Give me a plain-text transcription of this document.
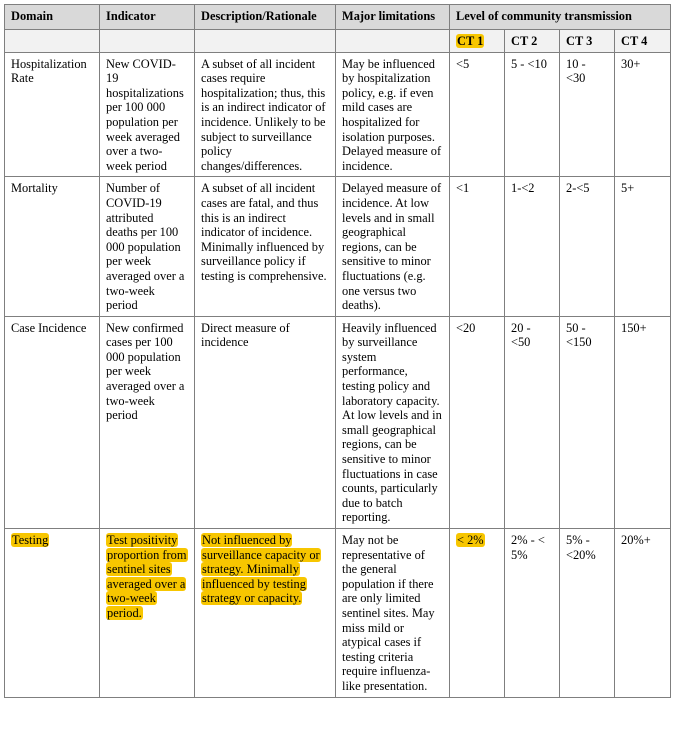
Domain	Indicator	Description/Rationale	Major limitations	Level of community transmission			
				CT 1	CT 2	CT 3	CT 4
Hospitalization Rate	New COVID-19 hospitalizations per 100 000 population per week averaged over a two-week period	A subset of all incident cases require hospitalization; thus, this is an indirect indicator of incidence. Unlikely to be subject to surveillance policy changes/differences.	May be influenced by hospitalization policy, e.g. if even mild cases are hospitalized for isolation purposes. Delayed measure of incidence.	<5	5 - <10	10 - <30	30+
Mortality	Number of COVID-19 attributed deaths per 100 000 population per week averaged over a two-week period	A subset of all incident cases are fatal, and thus this is an indirect indicator of incidence. Minimally influenced by surveillance policy if testing is comprehensive.	Delayed measure of incidence. At low levels and in small geographical regions, can be sensitive to minor fluctuations (e.g. one versus two deaths).	<1	1-<2	2-<5	5+
Case Incidence	New confirmed cases per 100 000 population per week averaged over a two-week period	Direct measure of incidence	Heavily influenced by surveillance system performance, testing policy and laboratory capacity. At low levels and in small geographical regions, can be sensitive to minor fluctuations in case counts, particularly due to batch reporting.	<20	20 - <50	50 - <150	150+
Testing	Test positivity proportion from sentinel sites averaged over a two-week period.	Not influenced by surveillance capacity or strategy. Minimally influenced by testing strategy or capacity.	May not be representative of the general population if there are only limited sentinel sites. May miss mild or atypical cases if testing criteria require influenza-like presentation.	< 2%	2% - < 5%	5% - <20%	20%+
